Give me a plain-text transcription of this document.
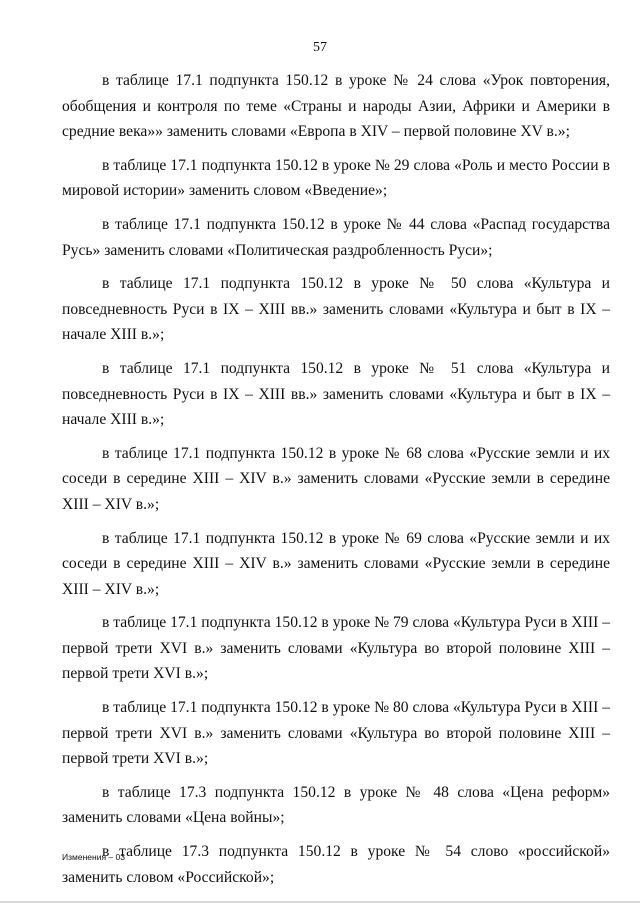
57

в таблице 17.1 подпункта 150.12 в уроке № 24 слова «Урок повторения, обобщения и контроля по теме «Страны и народы Азии, Африки и Америки в средние века»» заменить словами «Европа в XIV – первой половине XV в.»;

в таблице 17.1 подпункта 150.12 в уроке № 29 слова «Роль и место России в мировой истории» заменить словом «Введение»;

в таблице 17.1 подпункта 150.12 в уроке № 44 слова «Распад государства Русь» заменить словами «Политическая раздробленность Руси»;

в таблице 17.1 подпункта 150.12 в уроке № 50 слова «Культура и повседневность Руси в IX – XIII вв.» заменить словами «Культура и быт в IX – начале XIII в.»;

в таблице 17.1 подпункта 150.12 в уроке № 51 слова «Культура и повседневность Руси в IX – XIII вв.» заменить словами «Культура и быт в IX – начале XIII в.»;

в таблице 17.1 подпункта 150.12 в уроке № 68 слова «Русские земли и их соседи в середине XIII – XIV в.» заменить словами «Русские земли в середине XIII – XIV в.»;

в таблице 17.1 подпункта 150.12 в уроке № 69 слова «Русские земли и их соседи в середине XIII – XIV в.» заменить словами «Русские земли в середине XIII – XIV в.»;

в таблице 17.1 подпункта 150.12 в уроке № 79 слова «Культура Руси в XIII – первой трети XVI в.» заменить словами «Культура во второй половине XIII – первой трети XVI в.»;

в таблице 17.1 подпункта 150.12 в уроке № 80 слова «Культура Руси в XIII – первой трети XVI в.» заменить словами «Культура во второй половине XIII – первой трети XVI в.»;

в таблице 17.3 подпункта 150.12 в уроке № 48 слова «Цена реформ» заменить словами «Цена войны»;

в таблице 17.3 подпункта 150.12 в уроке № 54 слово «российской» заменить словом «Российской»;

Изменения – 03
